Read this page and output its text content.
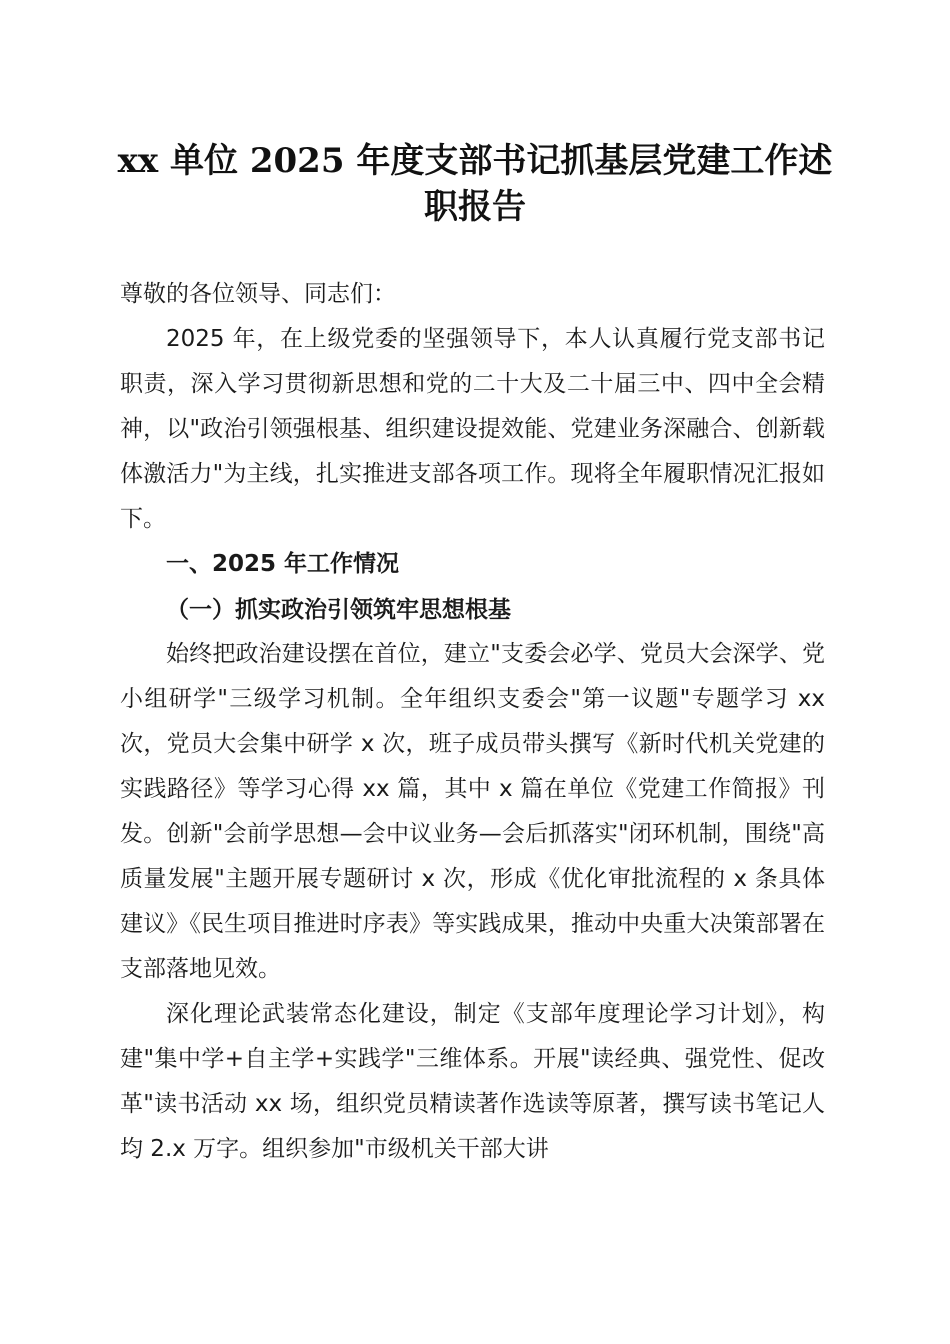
xx 单位 2025 年度支部书记抓基层党建工作述
职报告

尊敬的各位领导、同志们：

2025 年，在上级党委的坚强领导下，本人认真履行党支部书记职责，深入学习贯彻新思想和党的二十大及二十届三中、四中全会精神，以"政治引领强根基、组织建设提效能、党建业务深融合、创新载体激活力"为主线，扎实推进支部各项工作。现将全年履职情况汇报如下。

一、2025 年工作情况

（一）抓实政治引领筑牢思想根基

始终把政治建设摆在首位，建立"支委会必学、党员大会深学、党小组研学"三级学习机制。全年组织支委会"第一议题"专题学习 xx 次，党员大会集中研学 x 次，班子成员带头撰写《新时代机关党建的实践路径》等学习心得 xx 篇，其中 x 篇在单位《党建工作简报》刊发。创新"会前学思想—会中议业务—会后抓落实"闭环机制，围绕"高质量发展"主题开展专题研讨 x 次，形成《优化审批流程的 x 条具体建议》《民生项目推进时序表》等实践成果，推动中央重大决策部署在支部落地见效。

深化理论武装常态化建设，制定《支部年度理论学习计划》，构建"集中学+自主学+实践学"三维体系。开展"读经典、强党性、促改革"读书活动 xx 场，组织党员精读著作选读等原著，撰写读书笔记人均 2.x 万字。组织参加"市级机关干部大讲
